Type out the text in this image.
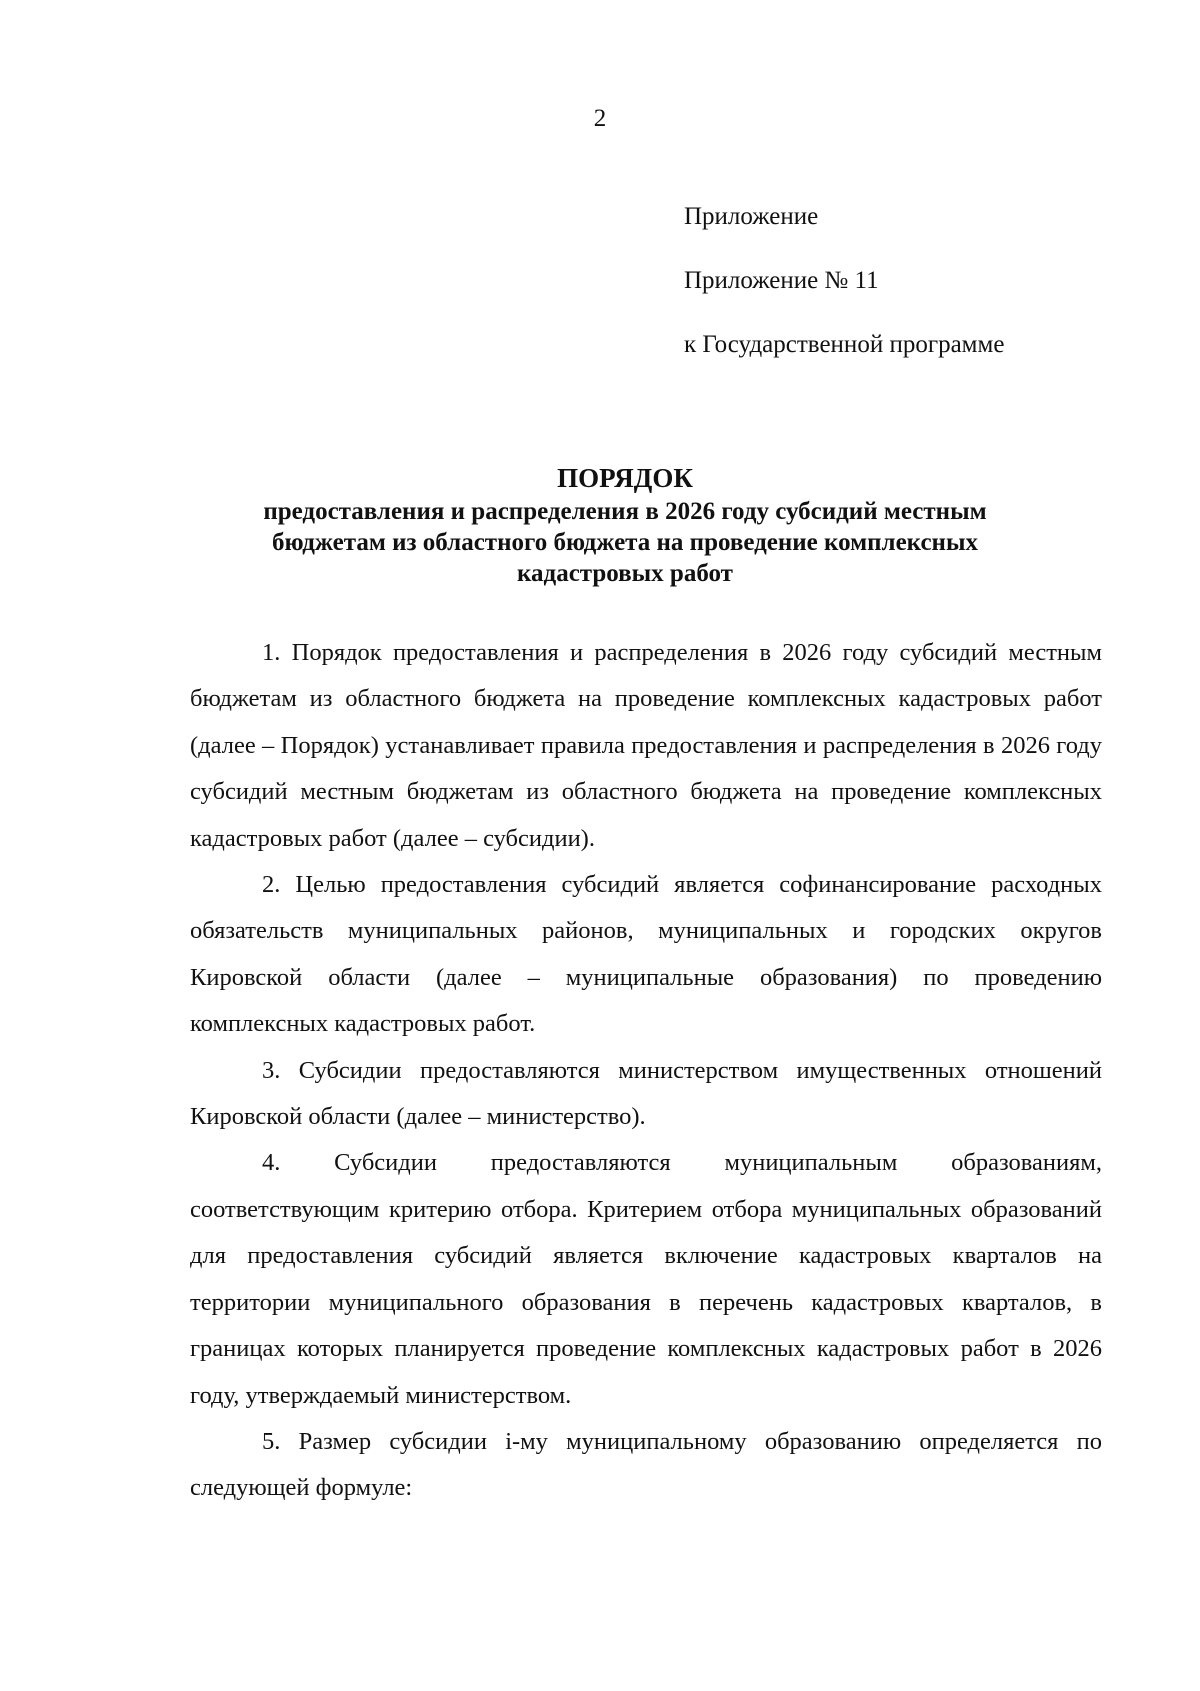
2
Приложение
Приложение № 11
к Государственной программе

ПОРЯДОК

предоставления и распределения в 2026 году субсидий местным

бюджетам из областного бюджета на проведение комплексных

кадастровых работ

1. Порядок предоставления и распределения в 2026 году субсидий местным бюджетам из областного бюджета на проведение комплексных кадастровых работ (далее – Порядок) устанавливает правила предоставления и распределения в 2026 году субсидий местным бюджетам из областного бюджета на проведение комплексных кадастровых работ (далее – субсидии).

2. Целью предоставления субсидий является софинансирование расходных обязательств муниципальных районов, муниципальных и городских округов Кировской области (далее – муниципальные образования) по проведению комплексных кадастровых работ.

3. Субсидии предоставляются министерством имущественных отношений Кировской области (далее – министерство).

4. Субсидии предоставляются муниципальным образованиям, соответствующим критерию отбора. Критерием отбора муниципальных образований для предоставления субсидий является включение кадастровых кварталов на территории муниципального образования в перечень кадастровых кварталов, в границах которых планируется проведение комплексных кадастровых работ в 2026 году, утверждаемый министерством.

5. Размер субсидии i-му муниципальному образованию определяется по следующей формуле:
